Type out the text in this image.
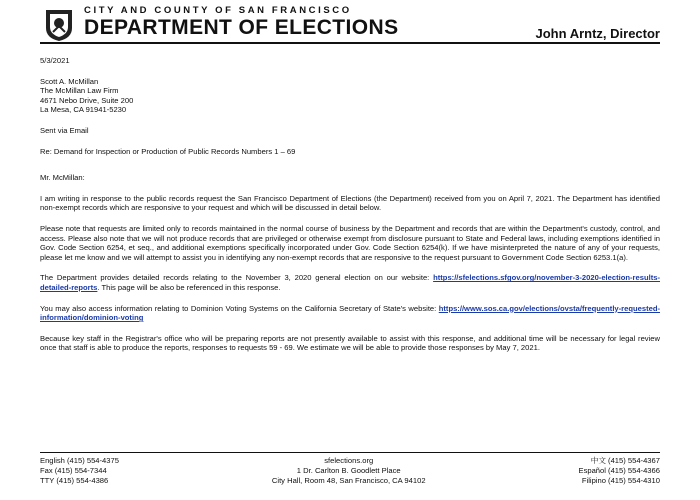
CITY AND COUNTY OF SAN FRANCISCO
DEPARTMENT OF ELECTIONS	John Arntz, Director

5/3/2021

Scott A. McMillan
The McMillan Law Firm
4671 Nebo Drive, Suite 200
La Mesa, CA 91941-5230

Sent via Email

Re: Demand for Inspection or Production of Public Records Numbers 1 – 69

Mr. McMillan:

I am writing in response to the public records request the San Francisco Department of Elections (the Department) received from you on April 7, 2021. The Department has identified non-exempt records which are responsive to your request and which will be discussed in detail below.

Please note that requests are limited only to records maintained in the normal course of business by the Department and records that are within the Department's custody, control, and access. Please also note that we will not produce records that are privileged or otherwise exempt from disclosure pursuant to State and Federal laws, including exemptions identified in Gov. Code Section 6254, et seq., and additional exemptions specifically incorporated under Gov. Code Section 6254(k). If we have misinterpreted the nature of any of your requests, please let me know and we will attempt to assist you in identifying any non-exempt records that are responsive to the request pursuant to Government Code Section 6253.1(a).

The Department provides detailed records relating to the November 3, 2020 general election on our website: https://sfelections.sfgov.org/november-3-2020-election-results-detailed-reports. This page will be also be referenced in this response.

You may also access information relating to Dominion Voting Systems on the California Secretary of State's website: https://www.sos.ca.gov/elections/ovsta/frequently-requested-information/dominion-voting

Because key staff in the Registrar's office who will be preparing reports are not presently available to assist with this response, and additional time will be necessary for legal review once that staff is able to produce the reports, responses to requests 59 - 69. We estimate we will be able to provide those responses by May 7, 2021.

English (415) 554-4375
Fax (415) 554-7344
TTY (415) 554-4386
sfelections.org
1 Dr. Carlton B. Goodlett Place
City Hall, Room 48, San Francisco, CA 94102
中文 (415) 554-4367
Español (415) 554-4366
Filipino (415) 554-4310
